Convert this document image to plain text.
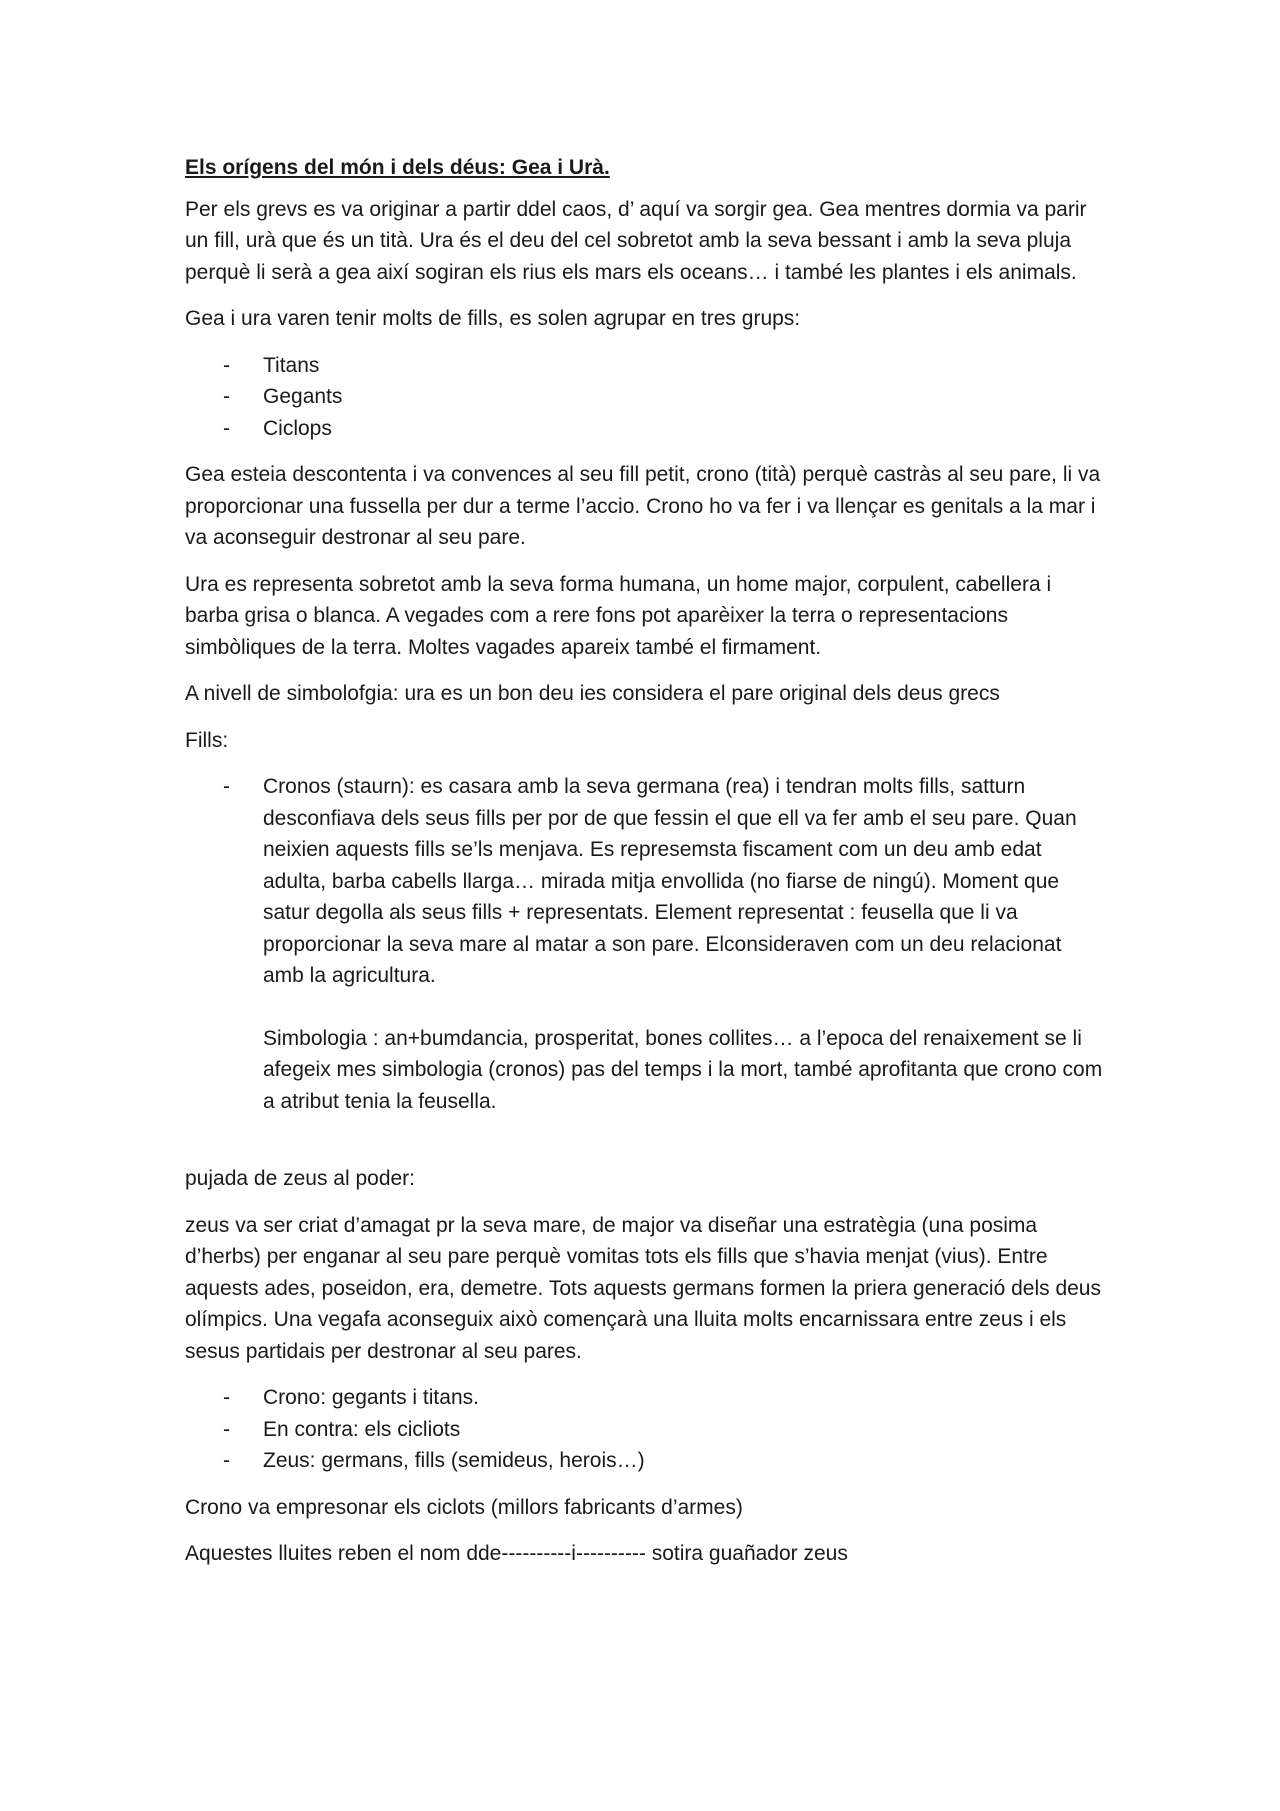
Els orígens del món i dels déus: Gea i Urà.

Per els grevs es va originar a partir ddel caos, d’ aquí va sorgir gea. Gea mentres dormia va parir un fill, urà que és un tità. Ura és el deu del cel sobretot amb la seva bessant i amb la seva pluja perquè li serà a gea així sogiran els rius els mars els oceans… i també les plantes i els animals.

Gea i ura varen tenir molts de fills, es solen agrupar en tres grups:

- Titans
- Gegants
- Ciclops

Gea esteia descontenta i va convences al seu fill petit, crono (tità) perquè castràs al seu pare, li va proporcionar una fussella per dur a terme l’accio. Crono ho va fer i va llençar es genitals a la mar i va aconseguir destronar al seu pare.

Ura es representa sobretot amb la seva forma humana, un home major, corpulent, cabellera i barba grisa o blanca. A vegades com a rere fons pot aparèixer la terra o representacions simbòliques de la terra. Moltes vagades apareix també el firmament.

A nivell de simbolofgia: ura es un bon deu ies considera el pare original dels deus grecs

Fills:

- Cronos (staurn): es casara amb la seva germana (rea) i tendran molts fills, satturn desconfiava dels seus fills per por de que fessin el que ell va fer amb el seu pare. Quan neixien aquests fills se’ls menjava. Es represemsta fiscament com un deu amb edat adulta, barba cabells llarga… mirada mitja envollida (no fiarse de ningú). Moment que satur degolla als seus fills + representats. Element representat : feusella que li va proporcionar la seva mare al matar a son pare. Elconsideraven com un deu relacionat amb la agricultura.
Simbologia : an+bumdancia, prosperitat, bones collites… a l’epoca del renaixement se li afegeix mes simbologia (cronos) pas del temps i la mort, també aprofitanta que crono com a atribut tenia la feusella.

pujada de zeus al poder:

zeus va ser criat d’amagat pr la seva mare, de major va diseñar una estratègia (una posima d’herbs) per enganar al seu pare perquè vomitas tots els fills que s’havia menjat (vius). Entre aquests ades, poseidon, era, demetre. Tots aquests germans formen la priera generació dels deus olímpics. Una vegafa aconseguix això començarà una lluita molts encarnissara entre zeus i els sesus partidais per destronar al seu pares.

- Crono: gegants i titans.
- En contra: els cicliots
- Zeus: germans, fills (semideus, herois…)

Crono va empresonar els ciclots (millors fabricants d’armes)

Aquestes lluites reben el nom dde----------i---------- sotira guañador zeus
